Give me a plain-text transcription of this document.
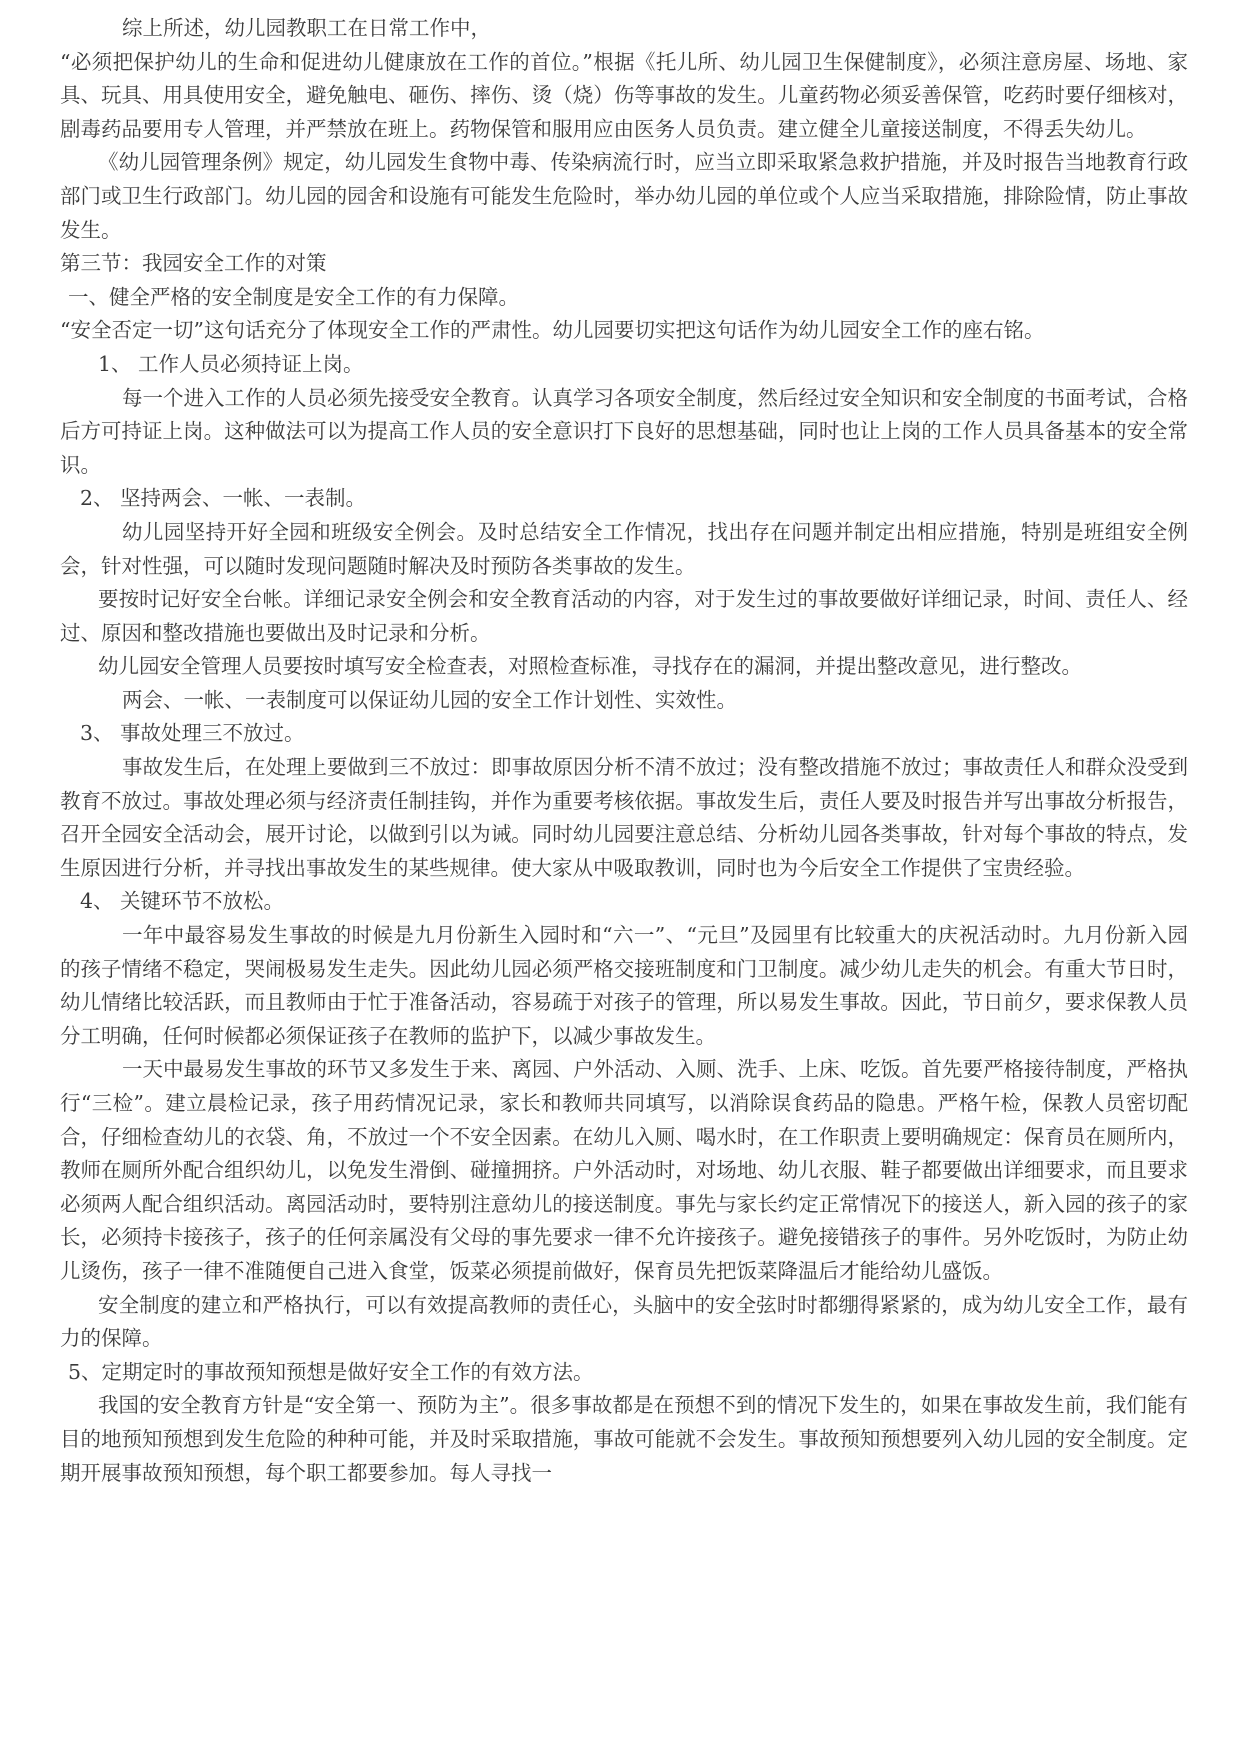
综上所述，幼儿园教职工在日常工作中，

“必须把保护幼儿的生命和促进幼儿健康放在工作的首位。”根据《托儿所、幼儿园卫生保健制度》，必须注意房屋、场地、家具、玩具、用具使用安全，避免触电、砸伤、摔伤、烫（烧）伤等事故的发生。儿童药物必须妥善保管，吃药时要仔细核对，剧毒药品要用专人管理，并严禁放在班上。药物保管和服用应由医务人员负责。建立健全儿童接送制度，不得丢失幼儿。

《幼儿园管理条例》规定，幼儿园发生食物中毒、传染病流行时，应当立即采取紧急救护措施，并及时报告当地教育行政部门或卫生行政部门。幼儿园的园舍和设施有可能发生危险时，举办幼儿园的单位或个人应当采取措施，排除险情，防止事故发生。

第三节：我园安全工作的对策

一、健全严格的安全制度是安全工作的有力保障。

“安全否定一切”这句话充分了体现安全工作的严肃性。幼儿园要切实把这句话作为幼儿园安全工作的座右铭。

1、 工作人员必须持证上岗。

每一个进入工作的人员必须先接受安全教育。认真学习各项安全制度，然后经过安全知识和安全制度的书面考试，合格后方可持证上岗。这种做法可以为提高工作人员的安全意识打下良好的思想基础，同时也让上岗的工作人员具备基本的安全常识。

2、 坚持两会、一帐、一表制。

幼儿园坚持开好全园和班级安全例会。及时总结安全工作情况，找出存在问题并制定出相应措施，特别是班组安全例会，针对性强，可以随时发现问题随时解决及时预防各类事故的发生。

要按时记好安全台帐。详细记录安全例会和安全教育活动的内容，对于发生过的事故要做好详细记录，时间、责任人、经过、原因和整改措施也要做出及时记录和分析。

幼儿园安全管理人员要按时填写安全检查表，对照检查标准，寻找存在的漏洞，并提出整改意见，进行整改。

两会、一帐、一表制度可以保证幼儿园的安全工作计划性、实效性。

3、 事故处理三不放过。

事故发生后，在处理上要做到三不放过：即事故原因分析不清不放过；没有整改措施不放过；事故责任人和群众没受到教育不放过。事故处理必须与经济责任制挂钩，并作为重要考核依据。事故发生后，责任人要及时报告并写出事故分析报告，召开全园安全活动会，展开讨论，以做到引以为诫。同时幼儿园要注意总结、分析幼儿园各类事故，针对每个事故的特点，发生原因进行分析，并寻找出事故发生的某些规律。使大家从中吸取教训，同时也为今后安全工作提供了宝贵经验。

4、 关键环节不放松。

一年中最容易发生事故的时候是九月份新生入园时和“六一”、“元旦”及园里有比较重大的庆祝活动时。九月份新入园的孩子情绪不稳定，哭闹极易发生走失。因此幼儿园必须严格交接班制度和门卫制度。减少幼儿走失的机会。有重大节日时，幼儿情绪比较活跃，而且教师由于忙于准备活动，容易疏于对孩子的管理，所以易发生事故。因此，节日前夕，要求保教人员分工明确，任何时候都必须保证孩子在教师的监护下，以减少事故发生。

一天中最易发生事故的环节又多发生于来、离园、户外活动、入厕、洗手、上床、吃饭。首先要严格接待制度，严格执行“三检”。建立晨检记录，孩子用药情况记录，家长和教师共同填写，以消除误食药品的隐患。严格午检，保教人员密切配合，仔细检查幼儿的衣袋、角，不放过一个不安全因素。在幼儿入厕、喝水时，在工作职责上要明确规定：保育员在厕所内，教师在厕所外配合组织幼儿，以免发生滑倒、碰撞拥挤。户外活动时，对场地、幼儿衣服、鞋子都要做出详细要求，而且要求必须两人配合组织活动。离园活动时，要特别注意幼儿的接送制度。事先与家长约定正常情况下的接送人，新入园的孩子的家长，必须持卡接孩子，孩子的任何亲属没有父母的事先要求一律不允许接孩子。避免接错孩子的事件。另外吃饭时，为防止幼儿烫伤，孩子一律不准随便自己进入食堂，饭菜必须提前做好，保育员先把饭菜降温后才能给幼儿盛饭。

安全制度的建立和严格执行，可以有效提高教师的责任心，头脑中的安全弦时时都绷得紧紧的，成为幼儿安全工作，最有力的保障。

5、定期定时的事故预知预想是做好安全工作的有效方法。

我国的安全教育方针是“安全第一、预防为主”。很多事故都是在预想不到的情况下发生的，如果在事故发生前，我们能有目的地预知预想到发生危险的种种可能，并及时采取措施，事故可能就不会发生。事故预知预想要列入幼儿园的安全制度。定期开展事故预知预想，每个职工都要参加。每人寻找一
